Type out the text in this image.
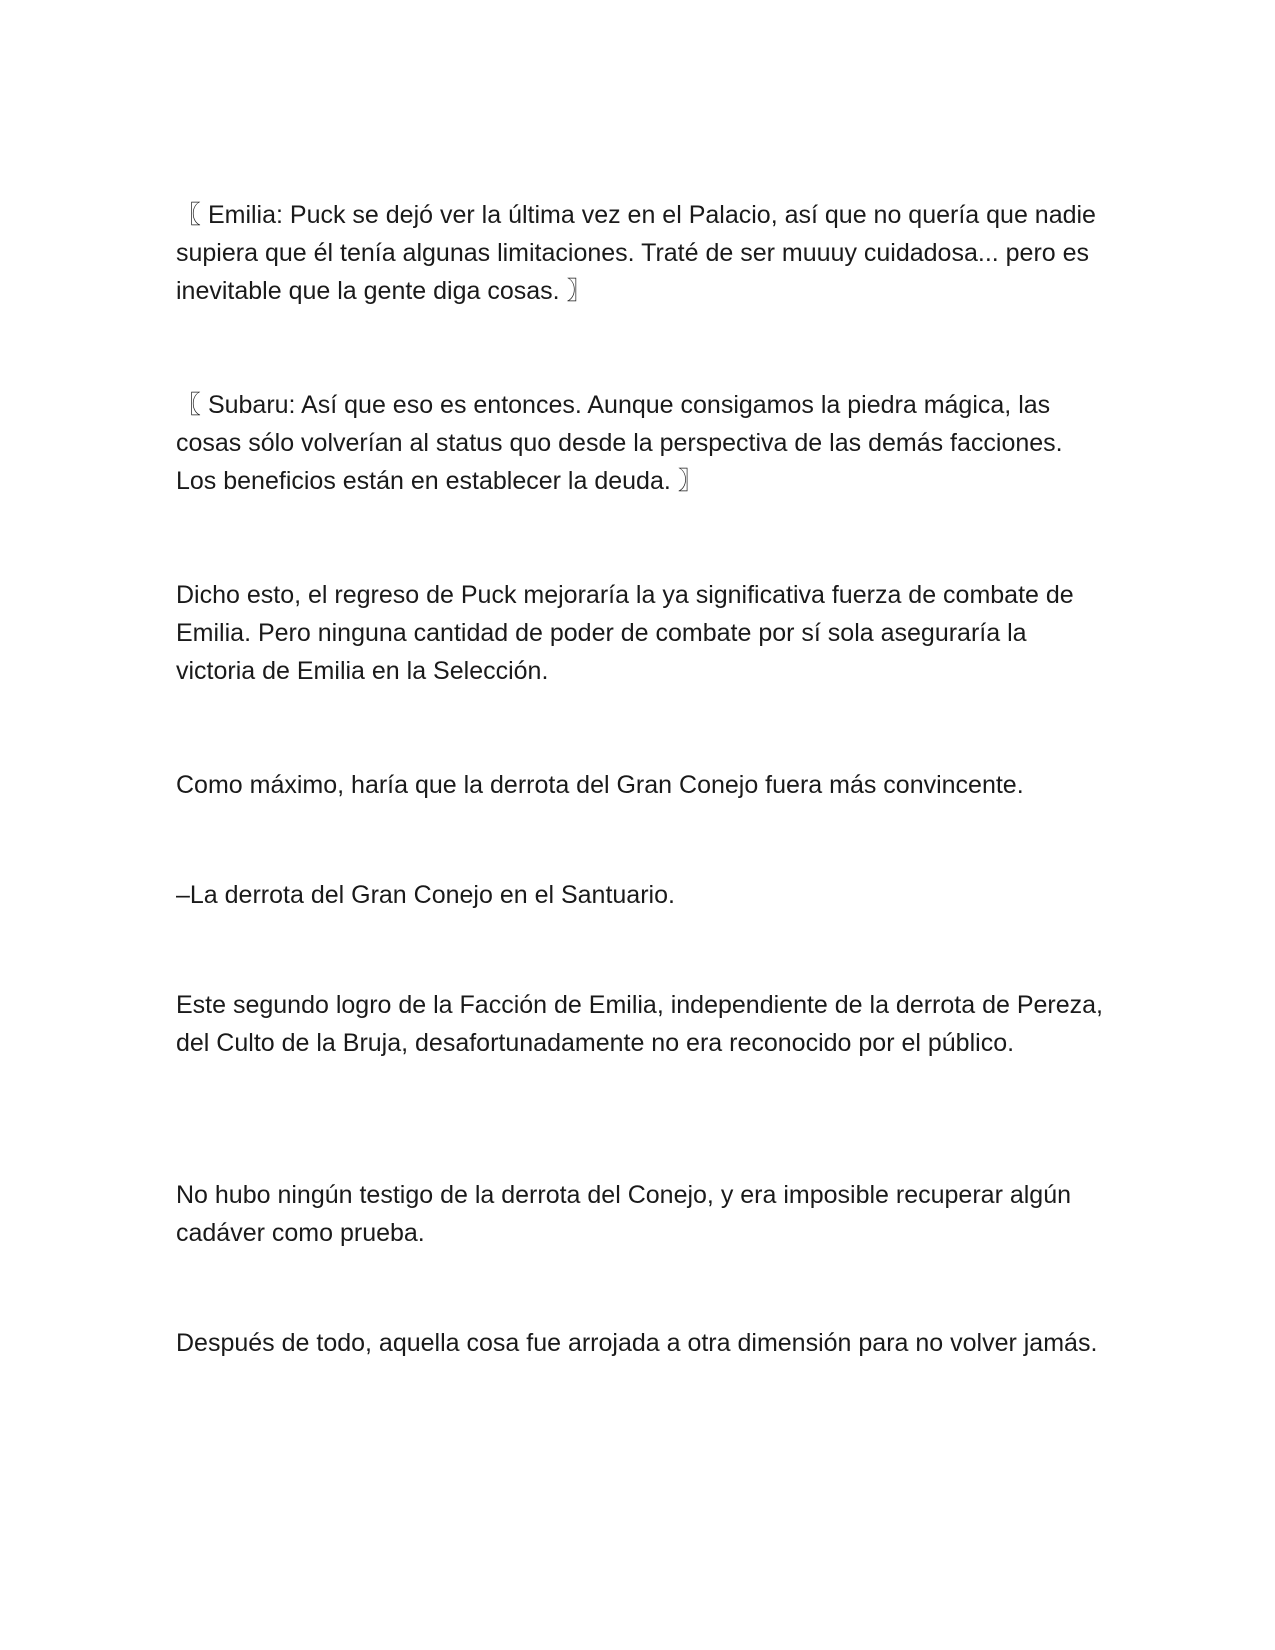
〖 Emilia: Puck se dejó ver la última vez en el Palacio, así que no quería que nadie supiera que él tenía algunas limitaciones. Traté de ser muuuy cuidadosa... pero es inevitable que la gente diga cosas. 〗

〖 Subaru: Así que eso es entonces. Aunque consigamos la piedra mágica, las cosas sólo volverían al status quo desde la perspectiva de las demás facciones. Los beneficios están en establecer la deuda. 〗

Dicho esto, el regreso de Puck mejoraría la ya significativa fuerza de combate de Emilia. Pero ninguna cantidad de poder de combate por sí sola aseguraría la victoria de Emilia en la Selección.

Como máximo, haría que la derrota del Gran Conejo fuera más convincente.

–La derrota del Gran Conejo en el Santuario.

Este segundo logro de la Facción de Emilia, independiente de la derrota de Pereza, del Culto de la Bruja, desafortunadamente no era reconocido por el público.

No hubo ningún testigo de la derrota del Conejo, y era imposible recuperar algún cadáver como prueba.

Después de todo, aquella cosa fue arrojada a otra dimensión para no volver jamás.
